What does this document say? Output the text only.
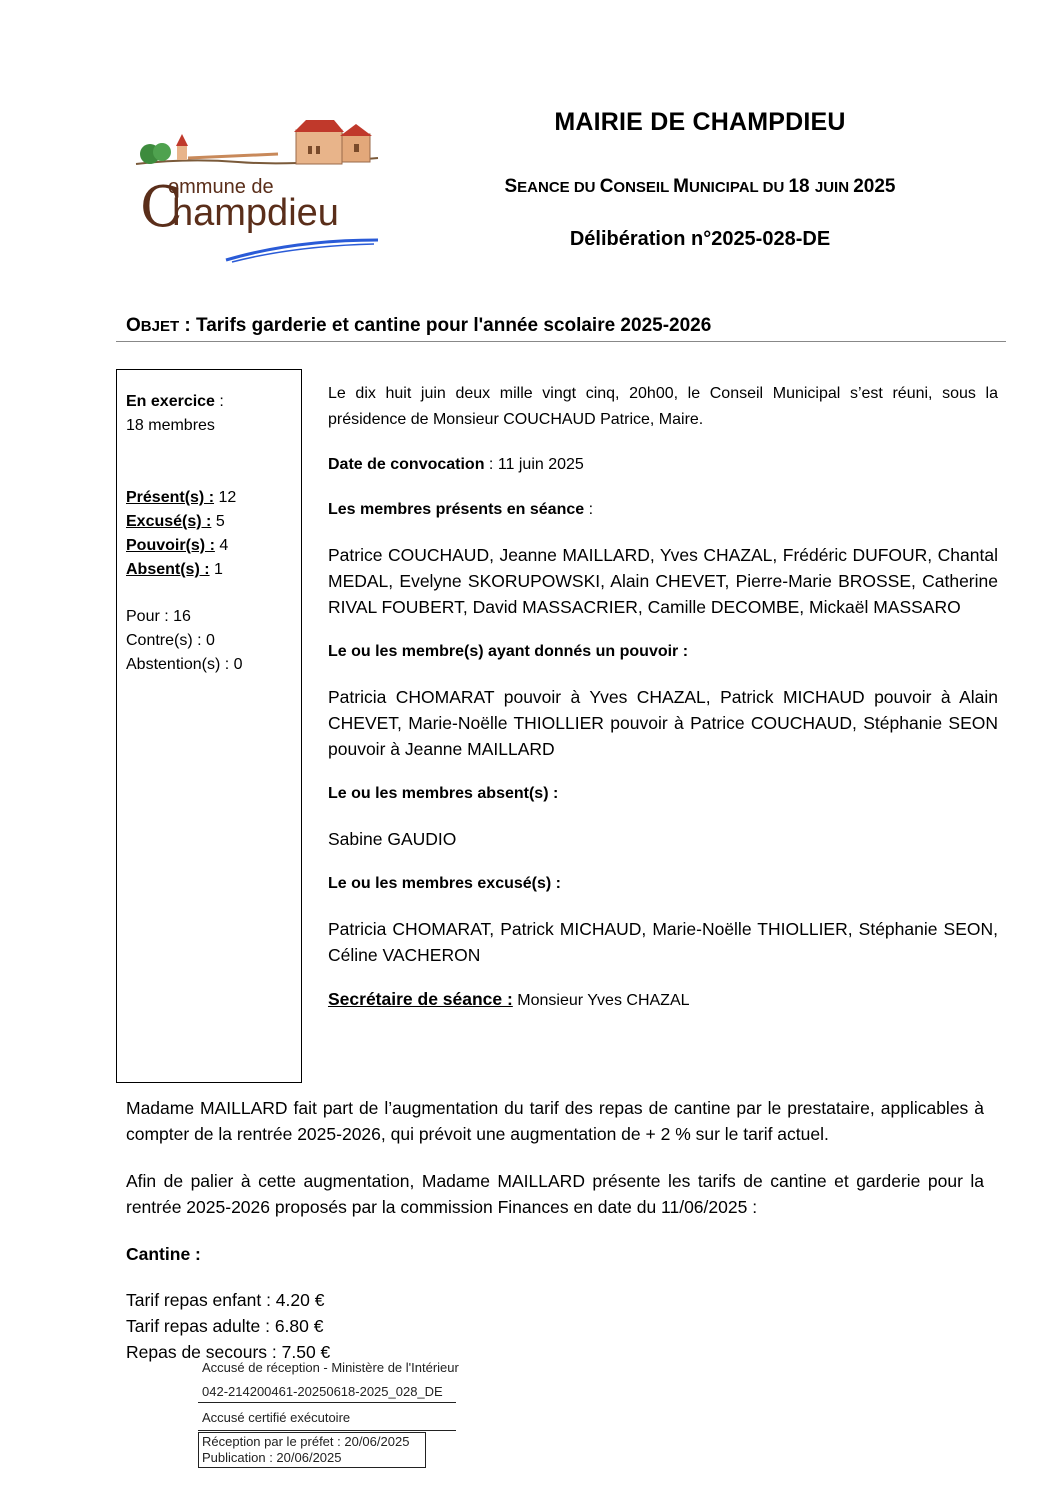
C
ommune de
hampdieu
MAIRIE DE CHAMPDIEU
SEANCE DU CONSEIL MUNICIPAL DU 18 JUIN 2025
Délibération n°2025-028-DE
OBJET : Tarifs garderie et cantine pour l'année scolaire 2025-2026
En exercice :
18 membres
Présent(s) : 12
Excusé(s) : 5
Pouvoir(s) : 4
Absent(s) : 1
Pour : 16
Contre(s) : 0
Abstention(s) : 0

Le dix huit juin deux mille vingt cinq, 20h00, le Conseil Municipal s’est réuni, sous la présidence de Monsieur COUCHAUD Patrice, Maire.

Date de convocation : 11 juin 2025

Les membres présents en séance :

Patrice COUCHAUD, Jeanne MAILLARD, Yves CHAZAL, Frédéric DUFOUR, Chantal MEDAL, Evelyne SKORUPOWSKI, Alain CHEVET, Pierre-Marie BROSSE, Catherine RIVAL FOUBERT, David MASSACRIER, Camille DECOMBE, Mickaël MASSARO

Le ou les membre(s) ayant donnés un pouvoir :

Patricia CHOMARAT pouvoir à Yves CHAZAL, Patrick MICHAUD pouvoir à Alain CHEVET, Marie-Noëlle THIOLLIER pouvoir à Patrice COUCHAUD, Stéphanie SEON pouvoir à Jeanne MAILLARD

Le ou les membres absent(s) :

Sabine GAUDIO

Le ou les membres excusé(s) :

Patricia CHOMARAT, Patrick MICHAUD, Marie-Noëlle THIOLLIER, Stéphanie SEON, Céline VACHERON

Secrétaire de séance : Monsieur Yves CHAZAL

Madame MAILLARD fait part de l’augmentation du tarif des repas de cantine par le prestataire, applicables à compter de la rentrée 2025-2026, qui prévoit une augmentation de + 2 % sur le tarif actuel.

Afin de palier à cette augmentation, Madame MAILLARD présente les tarifs de cantine et garderie pour la rentrée 2025-2026 proposés par la commission Finances en date du 11/06/2025 :

Cantine :

Tarif repas enfant : 4.20 €

Tarif repas adulte : 6.80 €

Repas de secours : 7.50 €

Accusé de réception - Ministère de l'Intérieur
042-214200461-20250618-2025_028_DE
Accusé certifié exécutoire
Réception par le préfet : 20/06/2025
Publication : 20/06/2025
